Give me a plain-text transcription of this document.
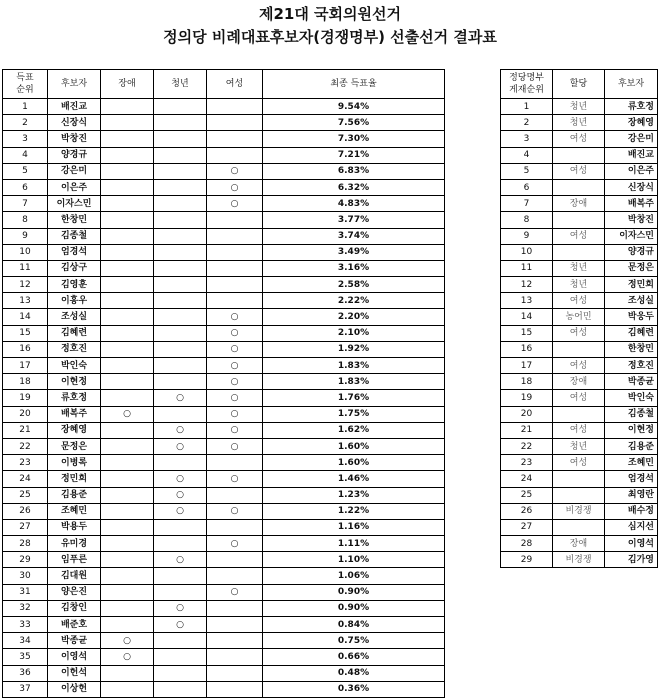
제21대 국회의원선거
정의당 비례대표후보자(경쟁명부) 선출선거 결과표
득표
순위	후보자	장애	청년	여성	최종 득표율
1	배진교				9.54%
2	신장식				7.56%
3	박창진				7.30%
4	양경규				7.21%
5	강은미			○	6.83%
6	이은주			○	6.32%
7	이자스민			○	4.83%
8	한창민				3.77%
9	김종철				3.74%
10	엄경석				3.49%
11	김상구				3.16%
12	김영훈				2.58%
13	이홍우				2.22%
14	조성실			○	2.20%
15	김혜련			○	2.10%
16	정호진			○	1.92%
17	박인숙			○	1.83%
18	이현정			○	1.83%
19	류호정		○	○	1.76%
20	배복주	○		○	1.75%
21	장혜영		○	○	1.62%
22	문정은		○	○	1.60%
23	이병록				1.60%
24	정민희		○	○	1.46%
25	김용준		○		1.23%
26	조혜민		○	○	1.22%
27	박용두				1.16%
28	유미경			○	1.11%
29	임푸른		○		1.10%
30	김대원				1.06%
31	양은진			○	0.90%
32	김창인		○		0.90%
33	배준호		○		0.84%
34	박종균	○			0.75%
35	이영석	○			0.66%
36	이헌석				0.48%
37	이상헌				0.36%
정당명부
게재순위	할당	후보자
1	청년	류호정
2	청년	장혜영
3	여성	강은미
4		배진교
5	여성	이은주
6		신장식
7	장애	배복주
8		박창진
9	여성	이자스민
10		양경규
11	청년	문정은
12	청년	정민희
13	여성	조성실
14	농어민	박웅두
15	여성	김혜련
16		한창민
17	여성	정호진
18	장애	박종균
19	여성	박인숙
20		김종철
21	여성	이현정
22	청년	김용준
23	여성	조혜민
24		엄경석
25		최영란
26	비경쟁	배수정
27		심지선
28	장애	이영석
29	비경쟁	김가영
